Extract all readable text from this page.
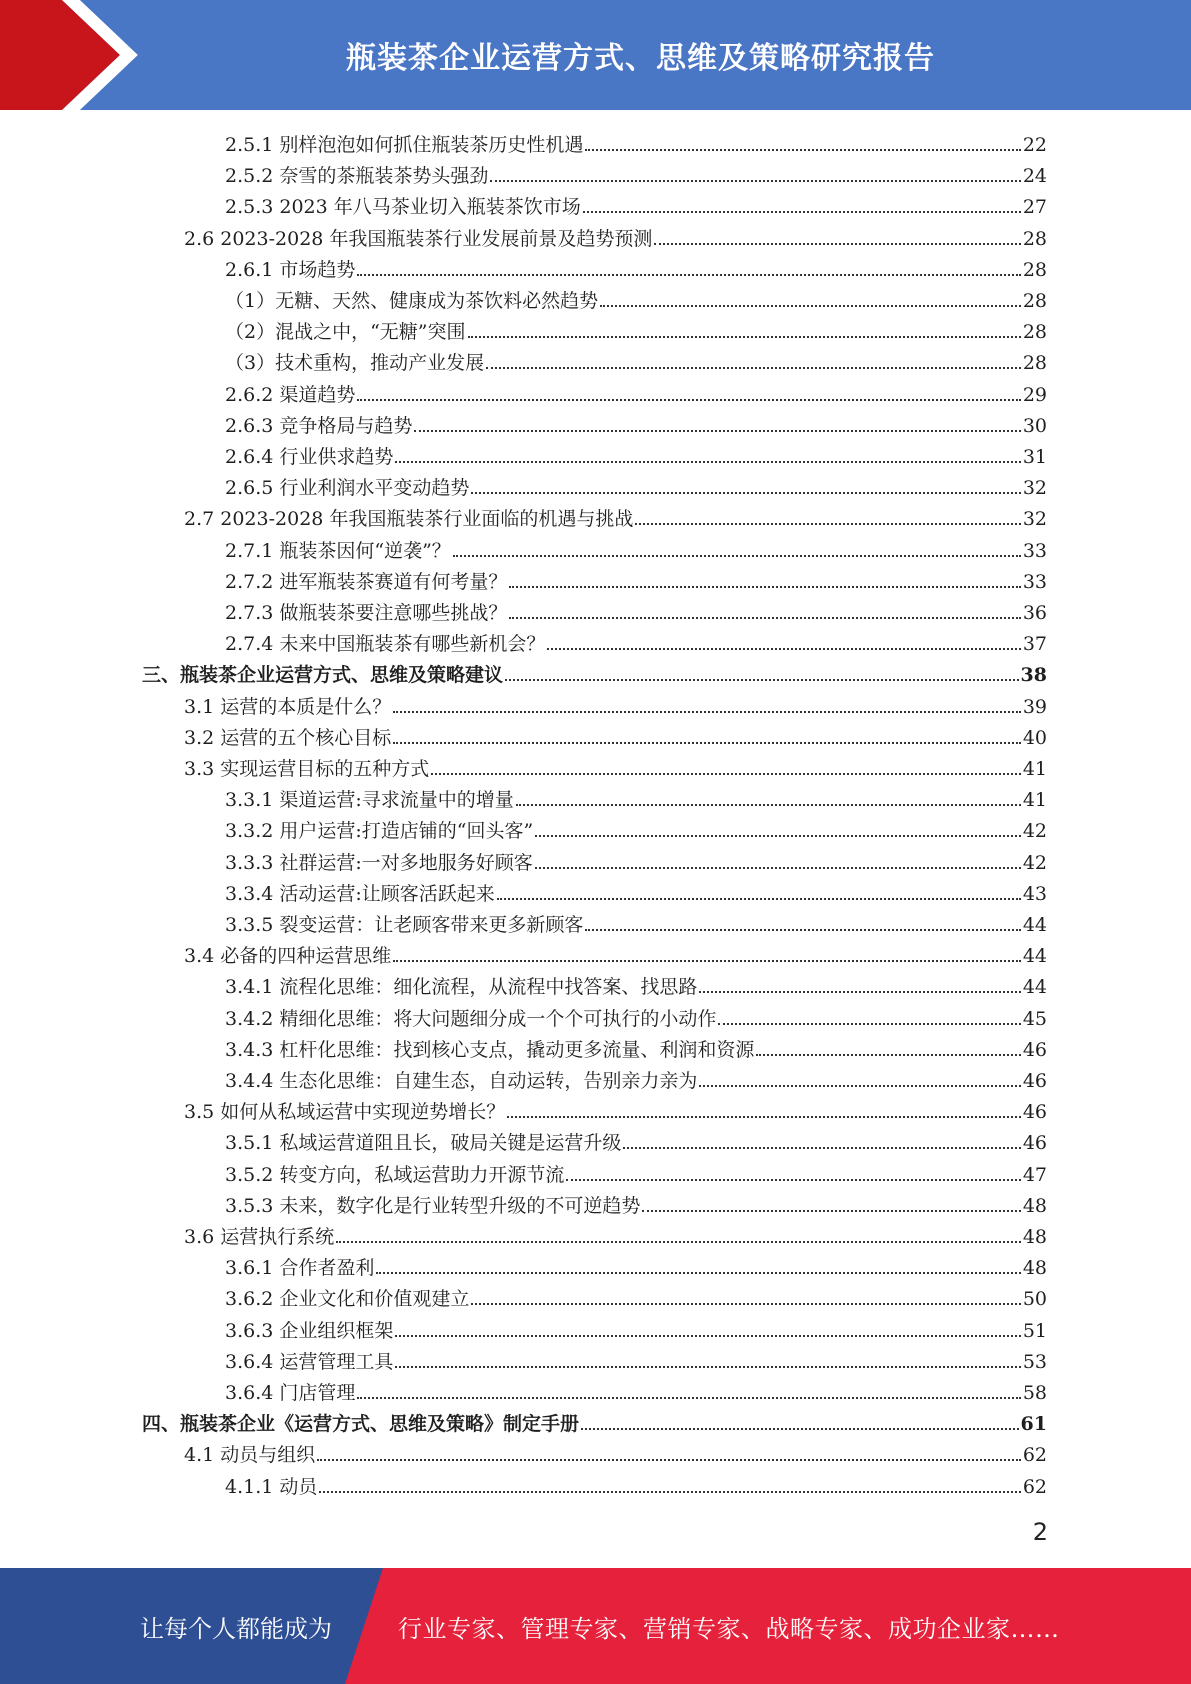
瓶装茶企业运营方式、思维及策略研究报告
2.5.1 别样泡泡如何抓住瓶装茶历史性机遇	22
2.5.2 奈雪的茶瓶装茶势头强劲	24
2.5.3 2023 年八马茶业切入瓶装茶饮市场	27
2.6 2023-2028 年我国瓶装茶行业发展前景及趋势预测	28
2.6.1 市场趋势	28
（1）无糖、天然、健康成为茶饮料必然趋势	28
（2）混战之中，“无糖”突围	28
（3）技术重构，推动产业发展	28
2.6.2 渠道趋势	29
2.6.3 竞争格局与趋势	30
2.6.4 行业供求趋势	31
2.6.5 行业利润水平变动趋势	32
2.7 2023-2028 年我国瓶装茶行业面临的机遇与挑战	32
2.7.1 瓶装茶因何“逆袭”？	33
2.7.2 进军瓶装茶赛道有何考量？	33
2.7.3 做瓶装茶要注意哪些挑战？	36
2.7.4 未来中国瓶装茶有哪些新机会？	37
三、瓶装茶企业运营方式、思维及策略建议	38
3.1 运营的本质是什么？	39
3.2 运营的五个核心目标	40
3.3 实现运营目标的五种方式	41
3.3.1 渠道运营:寻求流量中的增量	41
3.3.2 用户运营:打造店铺的“回头客”	42
3.3.3 社群运营:一对多地服务好顾客	42
3.3.4 活动运营:让顾客活跃起来	43
3.3.5 裂变运营：让老顾客带来更多新顾客	44
3.4 必备的四种运营思维	44
3.4.1 流程化思维：细化流程，从流程中找答案、找思路	44
3.4.2 精细化思维：将大问题细分成一个个可执行的小动作	45
3.4.3 杠杆化思维：找到核心支点，撬动更多流量、利润和资源	46
3.4.4 生态化思维：自建生态，自动运转，告别亲力亲为	46
3.5 如何从私域运营中实现逆势增长？	46
3.5.1 私域运营道阻且长，破局关键是运营升级	46
3.5.2 转变方向，私域运营助力开源节流	47
3.5.3 未来，数字化是行业转型升级的不可逆趋势	48
3.6 运营执行系统	48
3.6.1 合作者盈利	48
3.6.2 企业文化和价值观建立	50
3.6.3 企业组织框架	51
3.6.4 运营管理工具	53
3.6.4 门店管理	58
四、瓶装茶企业《运营方式、思维及策略》制定手册	61
4.1 动员与组织	62
4.1.1 动员	62
2
让每个人都能成为	行业专家、管理专家、营销专家、战略专家、成功企业家……
